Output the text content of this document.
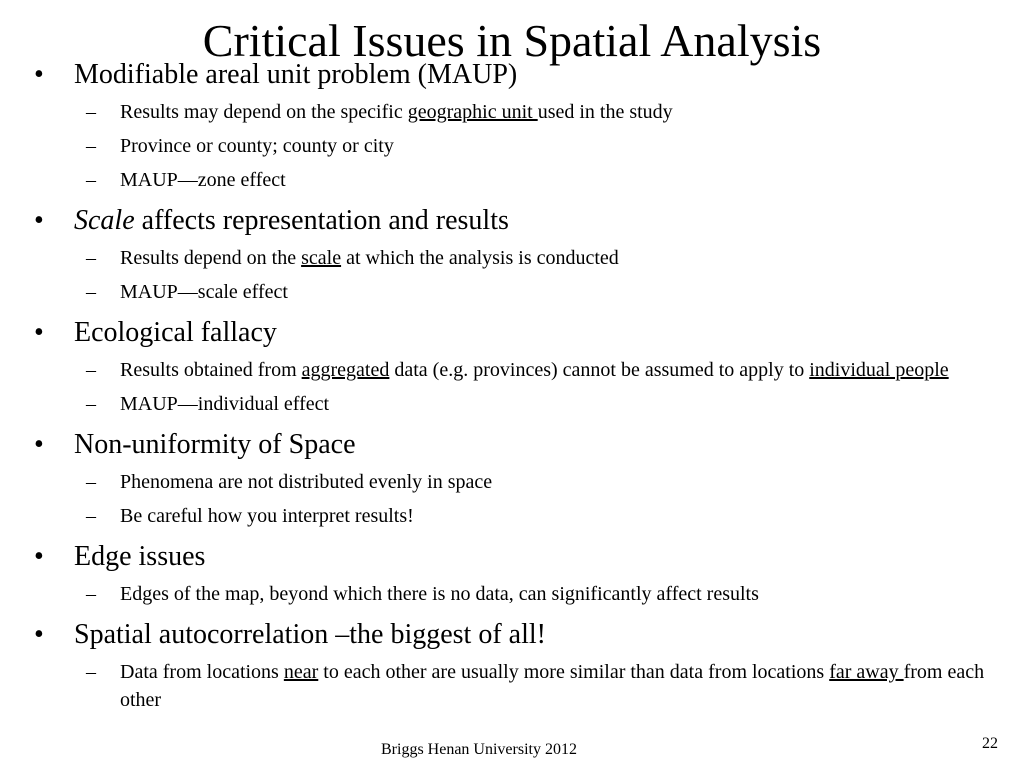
Critical Issues in Spatial Analysis
•	Modifiable areal unit problem (MAUP)
– Results may depend on the specific geographic unit used in the study
– Province or county; county or city
– MAUP—zone effect
•	Scale affects representation and results
– Results depend on the scale at which the analysis is conducted
– MAUP—scale effect
•	Ecological fallacy
– Results obtained from aggregated data (e.g. provinces) cannot be assumed to apply to individual people
– MAUP—individual effect
•	Non-uniformity of Space
– Phenomena are not distributed evenly in space
– Be careful how you interpret results!
•	Edge issues
– Edges of the map, beyond which there is no data, can significantly affect results
•	Spatial autocorrelation –the biggest of all!
– Data from locations near to each other are usually more similar than data from locations far away from each other
Briggs Henan University 2012	22
